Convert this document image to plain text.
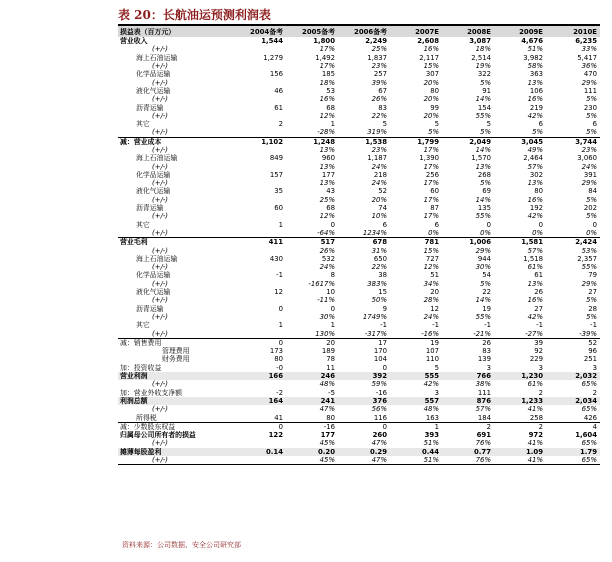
表 20：长航油运预测利润表
损益表（百万元）	2004备考	2005备考	2006备考	2007E	2008E	2009E	2010E
营业收入	1,544	1,800	2,249	2,608	3,087	4,676	6,235
(+/-)		17%	25%	16%	18%	51%	33%
海上石油运输	1,279	1,492	1,837	2,117	2,514	3,982	5,417
(+/-)		17%	23%	15%	19%	58%	36%
化学品运输	156	185	257	307	322	363	470
(+/-)		18%	39%	20%	5%	13%	29%
液化气运输	46	53	67	80	91	106	111
(+/-)		16%	26%	20%	14%	16%	5%
沥青运输	61	68	83	99	154	219	230
(+/-)		12%	22%	20%	55%	42%	5%
其它	2	1	5	5	5	6	6
(+/-)		-28%	319%	5%	5%	5%	5%
减：营业成本	1,102	1,248	1,538	1,799	2,049	3,045	3,744
(+/-)		13%	23%	17%	14%	49%	23%
海上石油运输	849	960	1,187	1,390	1,570	2,464	3,060
(+/-)		13%	24%	17%	13%	57%	24%
化学品运输	157	177	218	256	268	302	391
(+/-)		13%	24%	17%	5%	13%	29%
液化气运输	35	43	52	60	69	80	84
(+/-)		25%	20%	17%	14%	16%	5%
沥青运输	60	68	74	87	135	192	202
(+/-)		12%	10%	17%	55%	42%	5%
其它	1	0	6	6	0	0	0
(+/-)		-64%	1234%	0%	0%	0%	0%
营业毛利	411	517	678	781	1,006	1,581	2,424
(+/-)		26%	31%	15%	29%	57%	53%
海上石油运输	430	532	650	727	944	1,518	2,357
(+/-)		24%	22%	12%	30%	61%	55%
化学品运输	-1	8	38	51	54	61	79
(+/-)		-1617%	383%	34%	5%	13%	29%
液化气运输	12	10	15	20	22	26	27
(+/-)		-11%	50%	28%	14%	16%	5%
沥青运输	0	0	9	12	19	27	28
(+/-)		30%	1749%	24%	55%	42%	5%
其它	1	1	-1	-1	-1	-1	-1
(+/-)		130%	-317%	-16%	-21%	-27%	-39%
减：销售费用	0	20	17	19	26	39	52
管理费用	173	189	170	107	83	92	96
财务费用	80	78	104	110	139	229	251
加：投资收益	-0	11	0	5	3	3	3
营业利润	166	246	392	555	766	1,230	2,032
(+/-)		48%	59%	42%	38%	61%	65%
加：营业外收支净额	-2	-5	-16	3	111	2	2
利润总额	164	241	376	557	876	1,233	2,034
(+/-)		47%	56%	48%	57%	41%	65%
所得税	41	80	116	163	184	258	426
减：少数股东权益	0	-16	0	1	2	2	4
归属母公司所有者的损益	122	177	260	393	691	972	1,604
(+/-)		45%	47%	51%	76%	41%	65%
摊薄每股盈利	0.14	0.20	0.29	0.44	0.77	1.09	1.79
(+/-)		45%	47%	51%	76%	41%	65%
资料来源：公司数据、安全公司研究部
